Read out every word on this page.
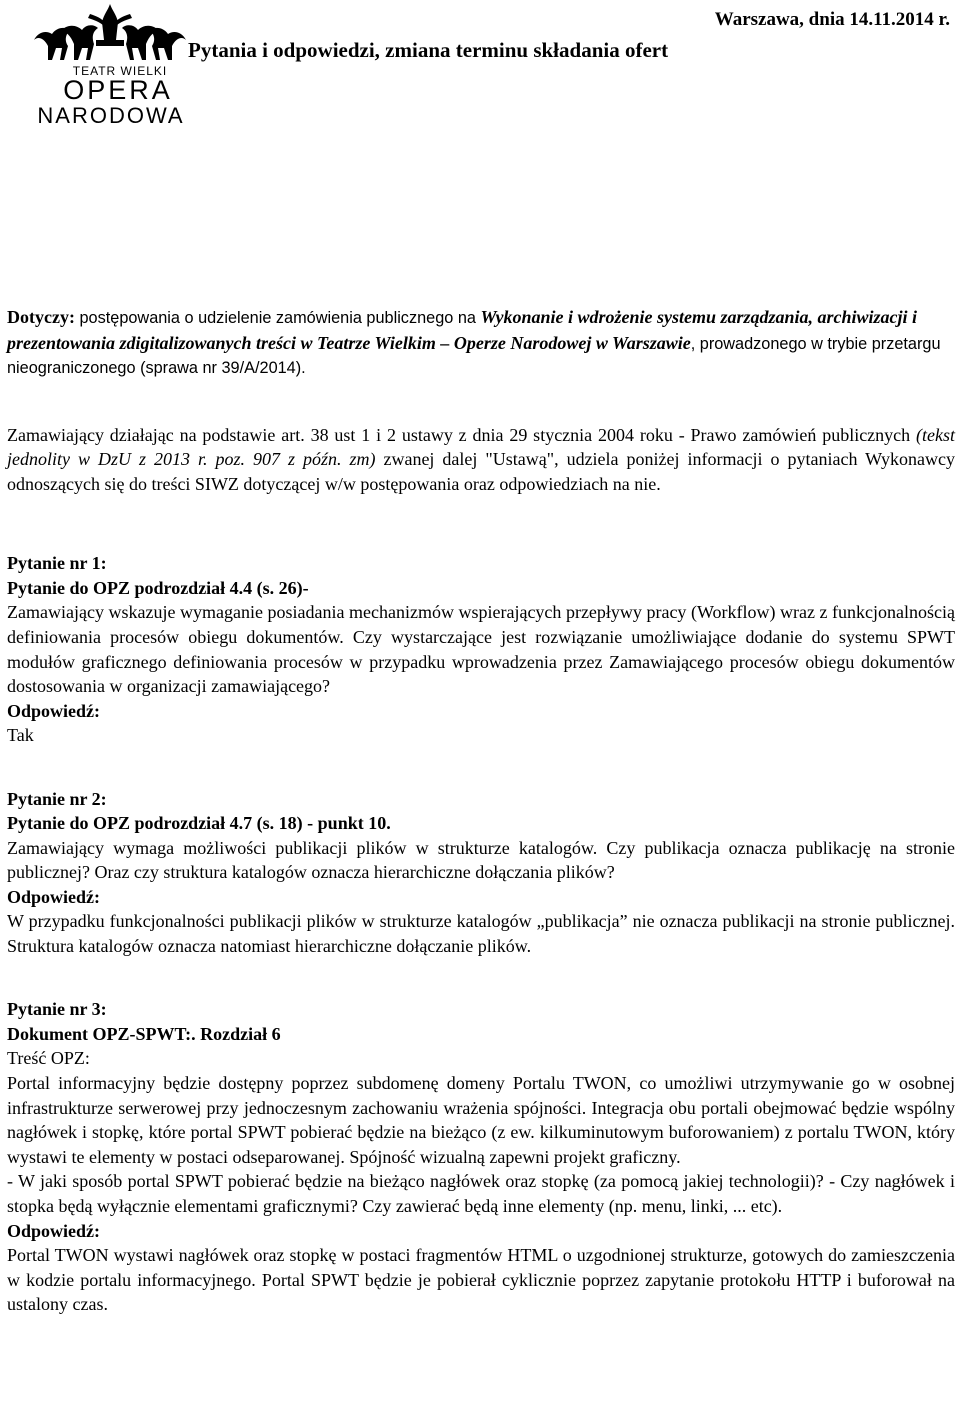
TEATR WIELKI
OPERA
NARODOWA
Warszawa, dnia 14.11.2014 r.
Pytania i odpowiedzi, zmiana terminu składania ofert

Dotyczy: postępowania o udzielenie zamówienia publicznego na Wykonanie i wdrożenie systemu zarządzania, archiwizacji i prezentowania zdigitalizowanych treści w Teatrze Wielkim – Operze Narodowej w Warszawie, prowadzonego w trybie przetargu nieograniczonego (sprawa nr 39/A/2014).

Zamawiający działając na podstawie art. 38 ust 1 i 2 ustawy z dnia 29 stycznia 2004 roku - Prawo zamówień publicznych (tekst jednolity w DzU z 2013 r. poz. 907 z późn. zm) zwanej dalej "Ustawą", udziela poniżej informacji o pytaniach Wykonawcy odnoszących się do treści SIWZ dotyczącej w/w postępowania oraz odpowiedziach na nie.

Pytanie nr 1:

Pytanie do OPZ podrozdział 4.4 (s. 26)-

Zamawiający wskazuje wymaganie posiadania mechanizmów wspierających przepływy pracy (Workflow) wraz z funkcjonalnością definiowania procesów obiegu dokumentów. Czy wystarczające jest rozwiązanie umożliwiające dodanie do systemu SPWT modułów graficznego definiowania procesów w przypadku wprowadzenia przez Zamawiającego procesów obiegu dokumentów dostosowania w organizacji zamawiającego?

Odpowiedź:

Tak

Pytanie nr 2:

Pytanie do OPZ podrozdział 4.7 (s. 18) - punkt 10.

Zamawiający wymaga możliwości publikacji plików w strukturze katalogów. Czy publikacja oznacza publikację na stronie publicznej? Oraz czy struktura katalogów oznacza hierarchiczne dołączania plików?

Odpowiedź:

W przypadku funkcjonalności publikacji plików w strukturze katalogów „publikacja” nie oznacza publikacji na stronie publicznej. Struktura katalogów oznacza natomiast hierarchiczne dołączanie plików.

Pytanie nr 3:

Dokument OPZ-SPWT:. Rozdział 6

Treść OPZ:

Portal informacyjny będzie dostępny poprzez subdomenę domeny Portalu TWON, co umożliwi utrzymywanie go w osobnej infrastrukturze serwerowej przy jednoczesnym zachowaniu wrażenia spójności. Integracja obu portali obejmować będzie wspólny nagłówek i stopkę, które portal SPWT pobierać będzie na bieżąco (z ew. kilkuminutowym buforowaniem) z portalu TWON, który wystawi te elementy w postaci odseparowanej. Spójność wizualną zapewni projekt graficzny.

- W jaki sposób portal SPWT pobierać będzie na bieżąco nagłówek oraz stopkę (za pomocą jakiej technologii)? - Czy nagłówek i stopka będą wyłącznie elementami graficznymi? Czy zawierać będą inne elementy (np. menu, linki, ... etc).

Odpowiedź:

Portal TWON wystawi nagłówek oraz stopkę w postaci fragmentów HTML o uzgodnionej strukturze, gotowych do zamieszczenia w kodzie portalu informacyjnego. Portal SPWT będzie je pobierał cyklicznie poprzez zapytanie protokołu HTTP i buforował na ustalony czas.
